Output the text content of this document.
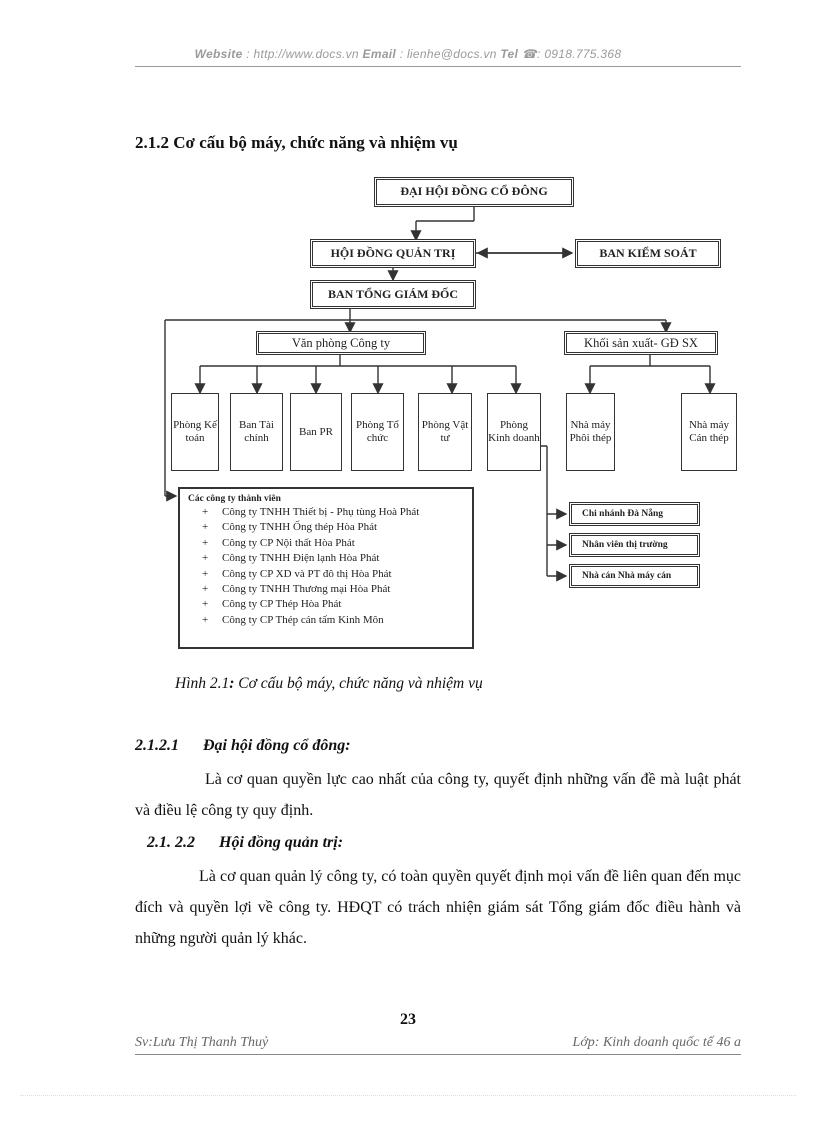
Website : http://www.docs.vn Email : lienhe@docs.vn Tel ☎: 0918.775.368
2.1.2 Cơ cấu bộ máy, chức năng và nhiệm vụ
ĐẠI HỘI ĐỒNG CỔ ĐÔNG
HỘI ĐỒNG QUẢN TRỊ	BAN KIỂM SOÁT
BAN TỔNG GIÁM ĐỐC
Văn phòng Công ty	Khối sản xuất- GĐ SX
Phòng Kế toán
Ban Tài chính
Ban PR
Phòng Tổ chức
Phòng Vật tư
Phòng Kinh doanh
Nhà máy Phôi thép
Nhà máy Cán thép
Chi nhánh Đà Nẵng
Nhân viên thị trường
Nhà cán Nhà máy cán
Các công ty thành viên
+ Công ty TNHH Thiết bị - Phụ tùng Hoà Phát
+ Công ty TNHH Ống thép Hòa Phát
+ Công ty CP Nội thất Hòa Phát
+ Công ty TNHH Điện lạnh Hòa Phát
+ Công ty CP XD và PT đô thị Hòa Phát
+ Công ty TNHH Thương mại Hòa Phát
+ Công ty CP Thép Hòa Phát
+ Công ty CP Thép cán tấm Kinh Môn
Hình 2.1: Cơ cấu bộ máy, chức năng và nhiệm vụ
2.1.2.1 Đại hội đồng cổ đông:
Là cơ quan quyền lực cao nhất của công ty, quyết định những vấn đề mà luật phát và điều lệ công ty quy định.
2.1. 2.2 Hội đồng quản trị:
Là cơ quan quản lý công ty, có toàn quyền quyết định mọi vấn đề liên quan đến mục đích và quyền lợi về công ty. HĐQT có trách nhiện giám sát Tổng giám đốc điều hành và những người quản lý khác.
23
Sv:Lưu Thị Thanh Thuỷ	Lớp: Kinh doanh quốc tế 46 a
